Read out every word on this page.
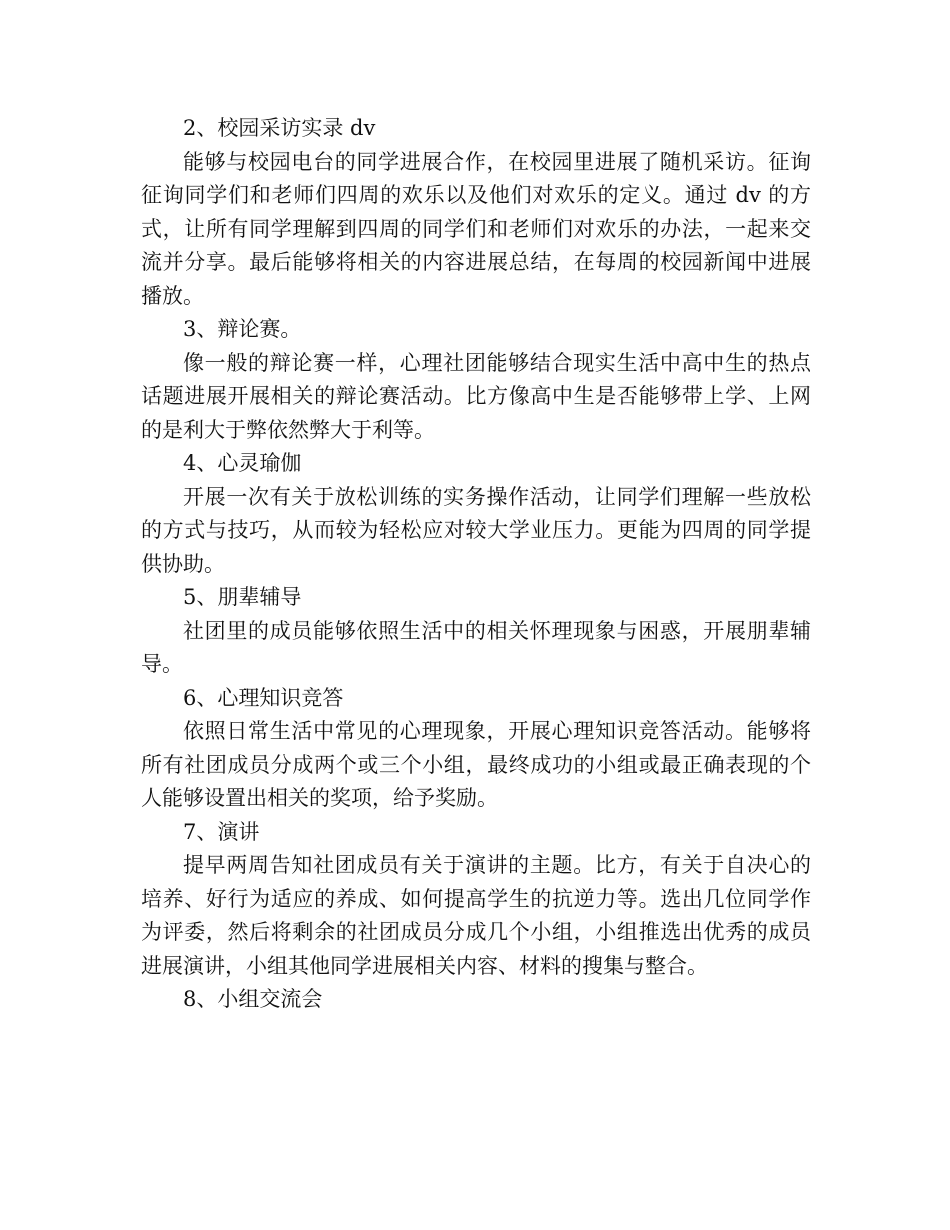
2、校园采访实录 dv

能够与校园电台的同学进展合作，在校园里进展了随机采访。征询征询同学们和老师们四周的欢乐以及他们对欢乐的定义。通过 dv 的方式，让所有同学理解到四周的同学们和老师们对欢乐的办法，一起来交流并分享。最后能够将相关的内容进展总结，在每周的校园新闻中进展播放。

3、辩论赛。

像一般的辩论赛一样，心理社团能够结合现实生活中高中生的热点话题进展开展相关的辩论赛活动。比方像高中生是否能够带上学、上网的是利大于弊依然弊大于利等。

4、心灵瑜伽

开展一次有关于放松训练的实务操作活动，让同学们理解一些放松的方式与技巧，从而较为轻松应对较大学业压力。更能为四周的同学提供协助。

5、朋辈辅导

社团里的成员能够依照生活中的相关怀理现象与困惑，开展朋辈辅导。

6、心理知识竞答

依照日常生活中常见的心理现象，开展心理知识竞答活动。能够将所有社团成员分成两个或三个小组，最终成功的小组或最正确表现的个人能够设置出相关的奖项，给予奖励。

7、演讲

提早两周告知社团成员有关于演讲的主题。比方，有关于自决心的培养、好行为适应的养成、如何提高学生的抗逆力等。选出几位同学作为评委，然后将剩余的社团成员分成几个小组，小组推选出优秀的成员进展演讲，小组其他同学进展相关内容、材料的搜集与整合。

8、小组交流会
